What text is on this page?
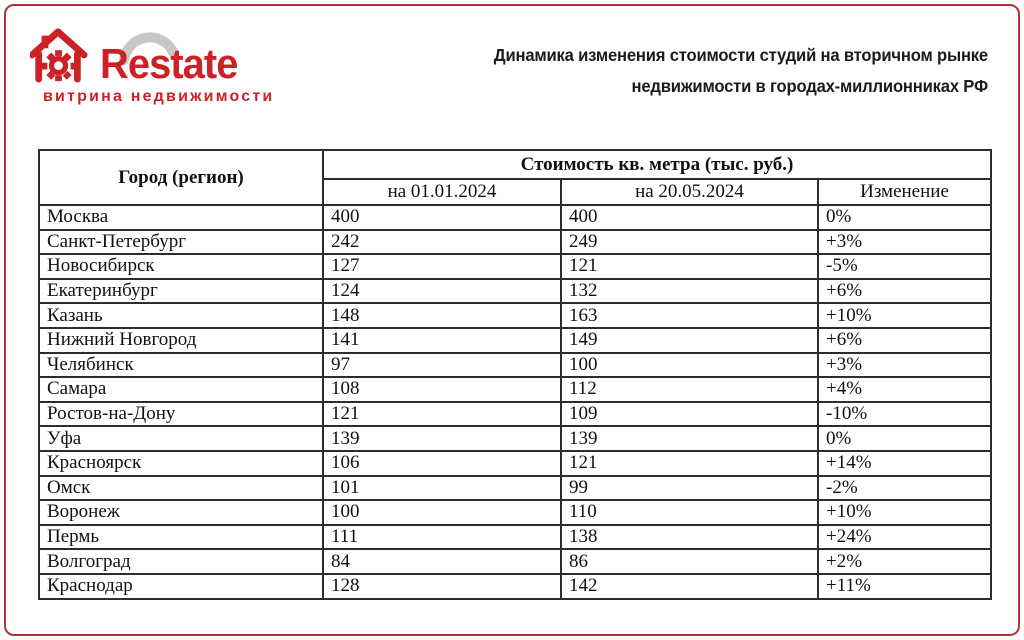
Restate
витрина недвижимости
Динамика изменения стоимости студий на вторичном рынке
недвижимости в городах-миллионниках РФ
Город (регион)	Стоимость кв. метра (тыс. руб.)		
	на 01.01.2024	на 20.05.2024	Изменение
Москва	400	400	0%
Санкт-Петербург	242	249	+3%
Новосибирск	127	121	-5%
Екатеринбург	124	132	+6%
Казань	148	163	+10%
Нижний Новгород	141	149	+6%
Челябинск	97	100	+3%
Самара	108	112	+4%
Ростов-на-Дону	121	109	-10%
Уфа	139	139	0%
Красноярск	106	121	+14%
Омск	101	99	-2%
Воронеж	100	110	+10%
Пермь	111	138	+24%
Волгоград	84	86	+2%
Краснодар	128	142	+11%
